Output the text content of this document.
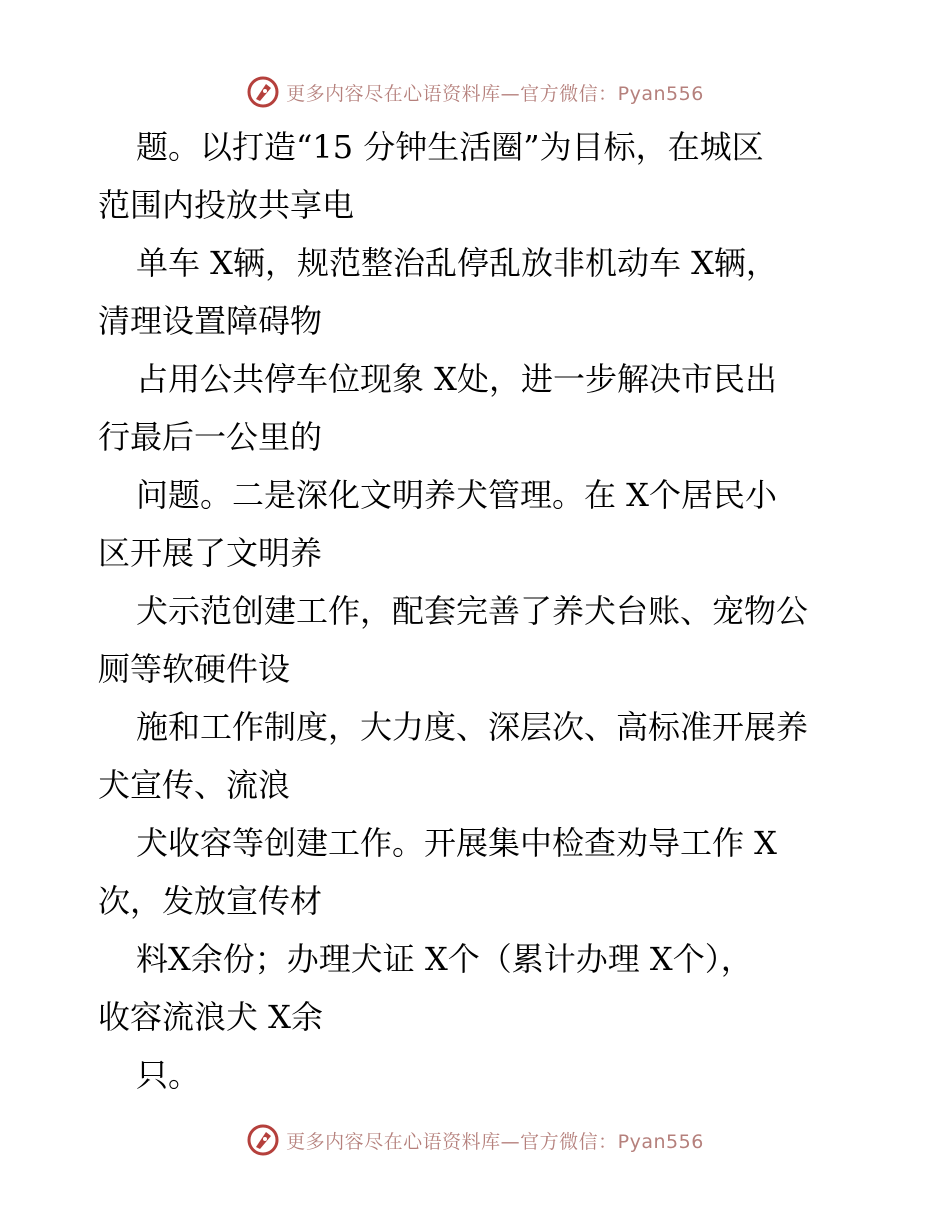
更多内容尽在心语资料库—官方微信：Pyan556
题。以打造“15 分钟生活圈”为目标，在城区
范围内投放共享电
单车 X辆，规范整治乱停乱放非机动车 X辆，
清理设置障碍物
占用公共停车位现象 X处，进一步解决市民出
行最后一公里的
问题。二是深化文明养犬管理。在 X个居民小
区开展了文明养
犬示范创建工作，配套完善了养犬台账、宠物公
厕等软硬件设
施和工作制度，大力度、深层次、高标准开展养
犬宣传、流浪
犬收容等创建工作。开展集中检查劝导工作 X
次，发放宣传材
料X余份；办理犬证 X个（累计办理 X个），
收容流浪犬 X余
只。
更多内容尽在心语资料库—官方微信：Pyan556
